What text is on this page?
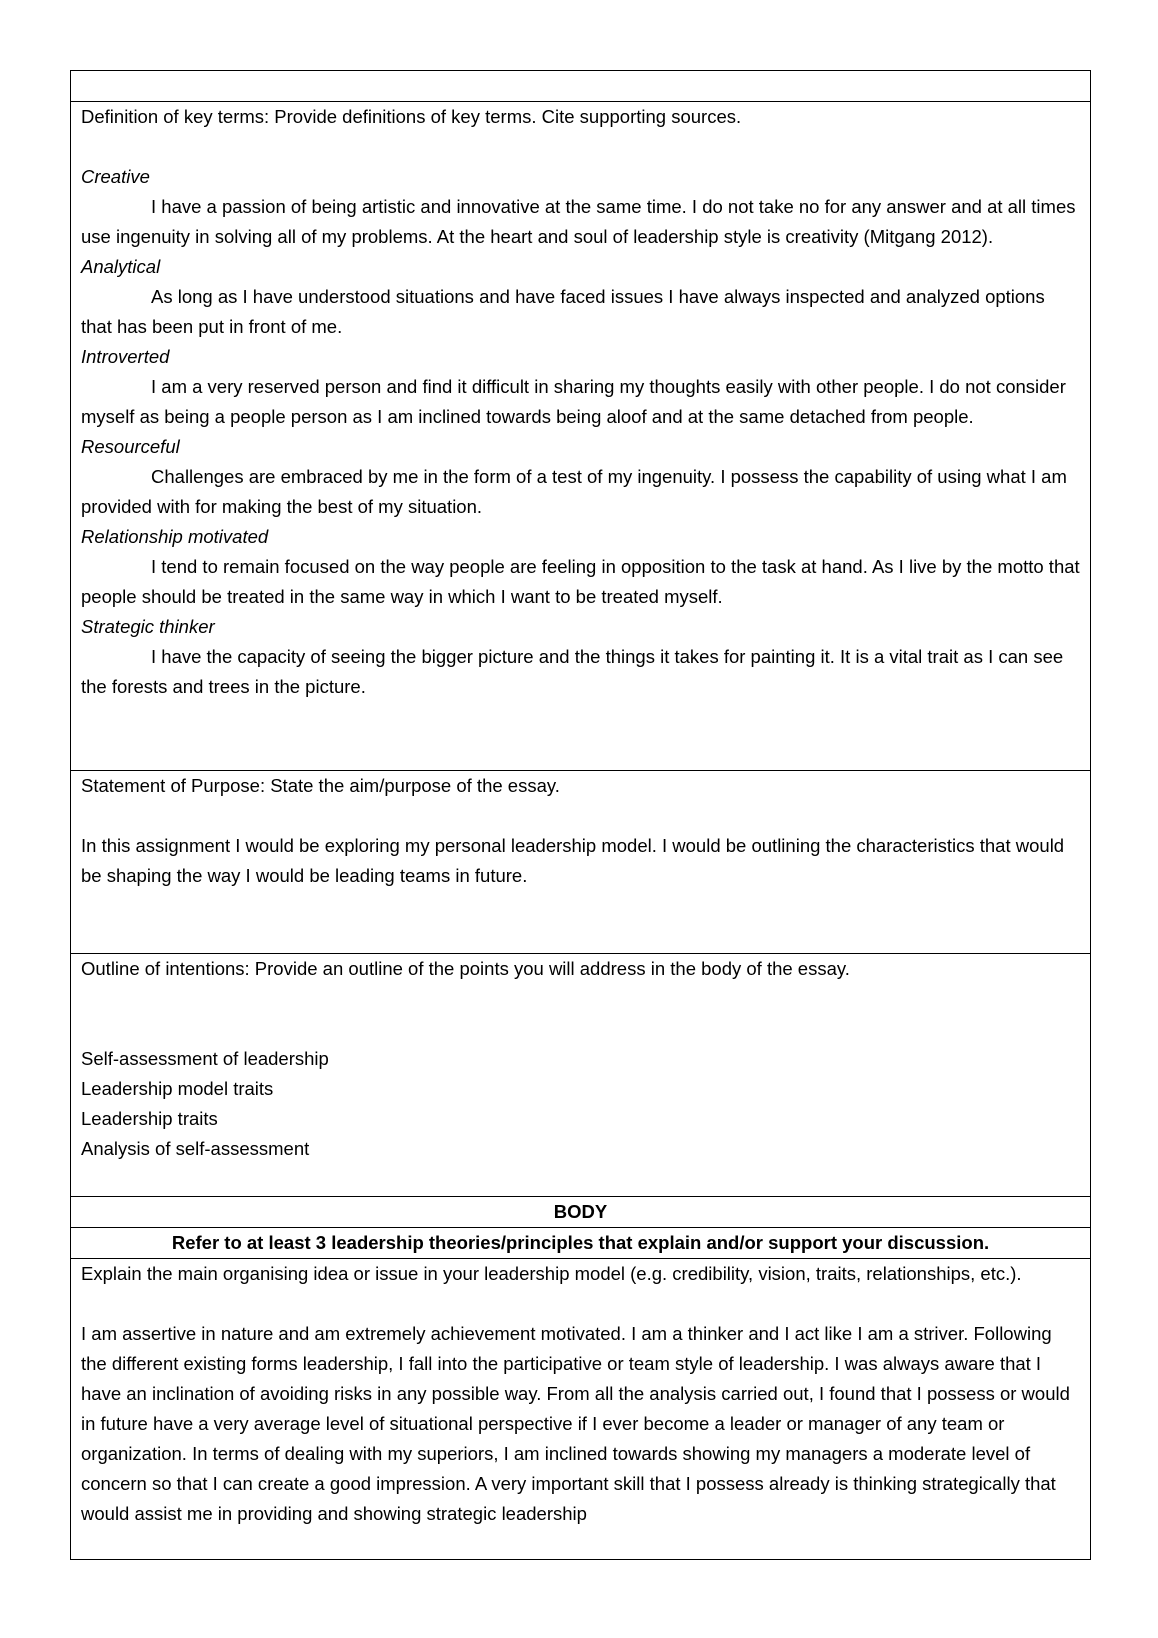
Definition of key terms: Provide definitions of key terms. Cite supporting sources.

Creative

I have a passion of being artistic and innovative at the same time. I do not take no for any answer and at all times use ingenuity in solving all of my problems. At the heart and soul of leadership style is creativity (Mitgang 2012).

Analytical

As long as I have understood situations and have faced issues I have always inspected and analyzed options that has been put in front of me.

Introverted

I am a very reserved person and find it difficult in sharing my thoughts easily with other people. I do not consider myself as being a people person as I am inclined towards being aloof and at the same detached from people.

Resourceful

Challenges are embraced by me in the form of a test of my ingenuity. I possess the capability of using what I am provided with for making the best of my situation.

Relationship motivated

I tend to remain focused on the way people are feeling in opposition to the task at hand. As I live by the motto that people should be treated in the same way in which I want to be treated myself.

Strategic thinker

I have the capacity of seeing the bigger picture and the things it takes for painting it. It is a vital trait as I can see the forests and trees in the picture.

Statement of Purpose: State the aim/purpose of the essay.

In this assignment I would be exploring my personal leadership model. I would be outlining the characteristics that would be shaping the way I would be leading teams in future.

Outline of intentions: Provide an outline of the points you will address in the body of the essay.

Self-assessment of leadership

Leadership model traits

Leadership traits

Analysis of self-assessment

BODY
Refer to at least 3 leadership theories/principles that explain and/or support your discussion.

Explain the main organising idea or issue in your leadership model (e.g. credibility, vision, traits, relationships, etc.).

I am assertive in nature and am extremely achievement motivated. I am a thinker and I act like I am a striver. Following the different existing forms leadership, I fall into the participative or team style of leadership. I was always aware that I have an inclination of avoiding risks in any possible way. From all the analysis carried out, I found that I possess or would in future have a very average level of situational perspective if I ever become a leader or manager of any team or organization. In terms of dealing with my superiors, I am inclined towards showing my managers a moderate level of concern so that I can create a good impression. A very important skill that I possess already is thinking strategically that would assist me in providing and showing strategic leadership
